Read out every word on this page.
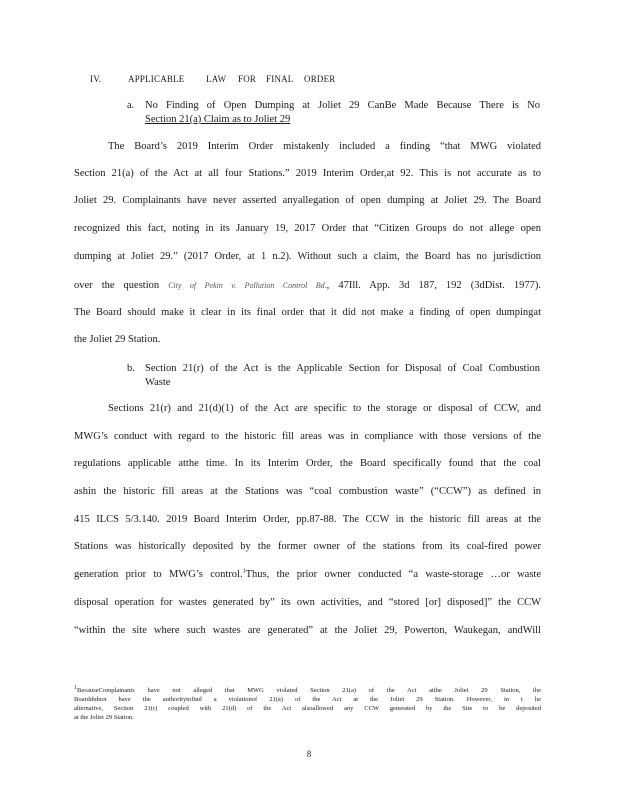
IV.	APPLICABLE LAW FOR FINAL ORDER
a. No Finding of Open Dumping at Joliet 29 CanBe Made Because There is No
Section 21(a) Claim as to Joliet 29
The Board’s 2019 Interim Order mistakenly included a finding “that MWG violated
Section 21(a) of the Act at all four Stations.” 2019 Interim Order,at 92. This is not accurate as to
Joliet 29. Complainants have never asserted anyallegation of open dumping at Joliet 29. The Board
recognized this fact, noting in its January 19, 2017 Order that “Citizen Groups do not allege open
dumping at Joliet 29.” (2017 Order, at 1 n.2). Without such a claim, the Board has no jurisdiction
over the question City of Pekin v. Pollution Control Bd., 47Ill. App. 3d 187, 192 (3dDist. 1977).
The Board should make it clear in its final order that it did not make a finding of open dumpingat
the Joliet 29 Station.
b. Section 21(r) of the Act is the Applicable Section for Disposal of Coal Combustion
Waste
Sections 21(r) and 21(d)(1) of the Act are specific to the storage or disposal of CCW, and
MWG’s conduct with regard to the historic fill areas was in compliance with those versions of the
regulations applicable atthe time. In its Interim Order, the Board specifically found that the coal
ashin the historic fill areas at the Stations was “coal combustion waste” (“CCW”) as defined in
415 ILCS 5/3.140. 2019 Board Interim Order, pp.87-88. The CCW in the historic fill areas at the
Stations was historically deposited by the former owner of the stations from its coal-fired power
generation prior to MWG’s control.$^1$Thus, the prior owner conducted “a waste-storage …or waste
disposal operation for wastes generated by” its own activities, and “stored [or] disposed]” the CCW
“within the site where such wastes are generated” at the Joliet 29, Powerton, Waukegan, andWill
$^1$BecauseComplainants have not alleged that MWG violated Section 21(a) of the Act atthe Joliet 29 Station, the
Boarddidnot have the authoritytofind a violationof 21(a) of the Act at the Joliet 29 Station. However, in t he
alternative, Section 21(r) coupled with 21(d) of the Act alsoallowed any CCW generated by the Site to be deposited
at the Joliet 29 Station.
8
